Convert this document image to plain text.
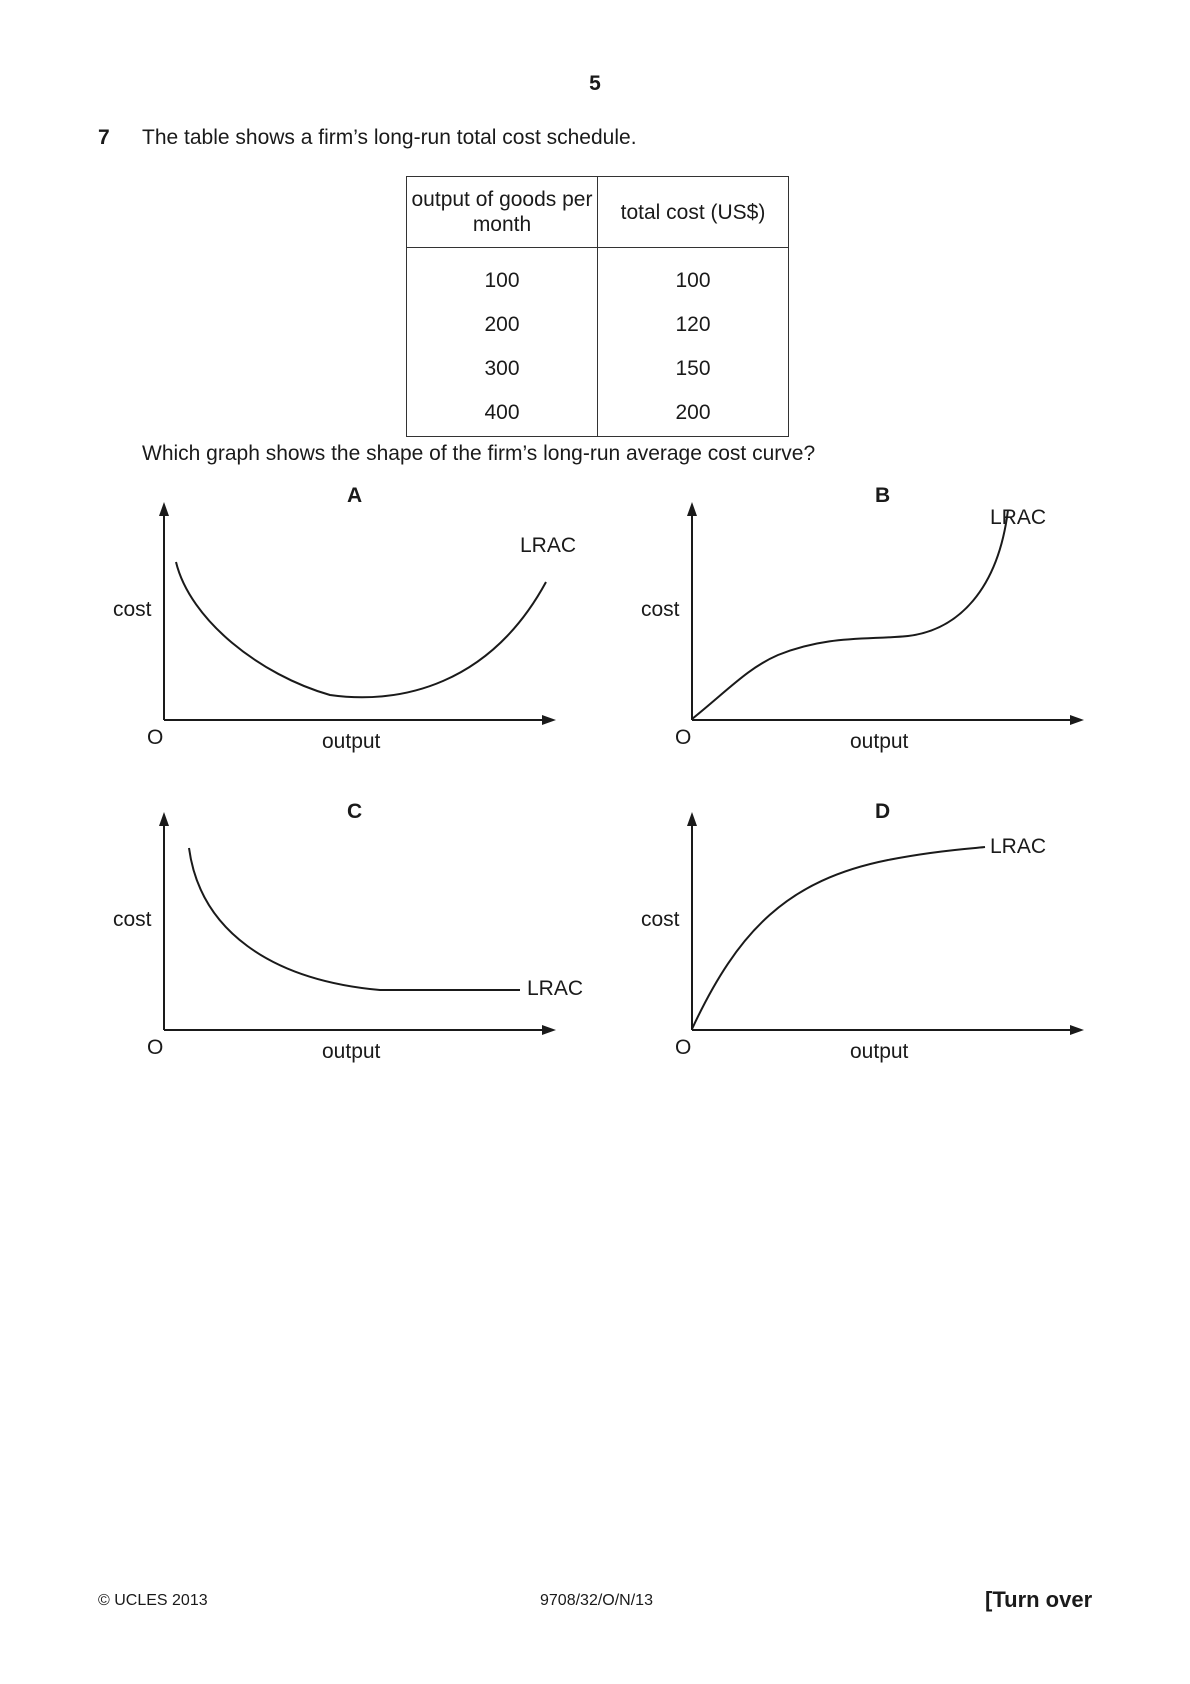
5
7 The table shows a firm’s long-run total cost schedule.
output of goods per month	total cost (US$)
100	100
200	120
300	150
400	200
Which graph shows the shape of the firm’s long-run average cost curve?
A
LRAC
cost
O	output
B
LRAC
cost
O	output
C
LRAC
cost
O	output
D
LRAC
cost
O	output
© UCLES 2013	9708/32/O/N/13	[Turn over
